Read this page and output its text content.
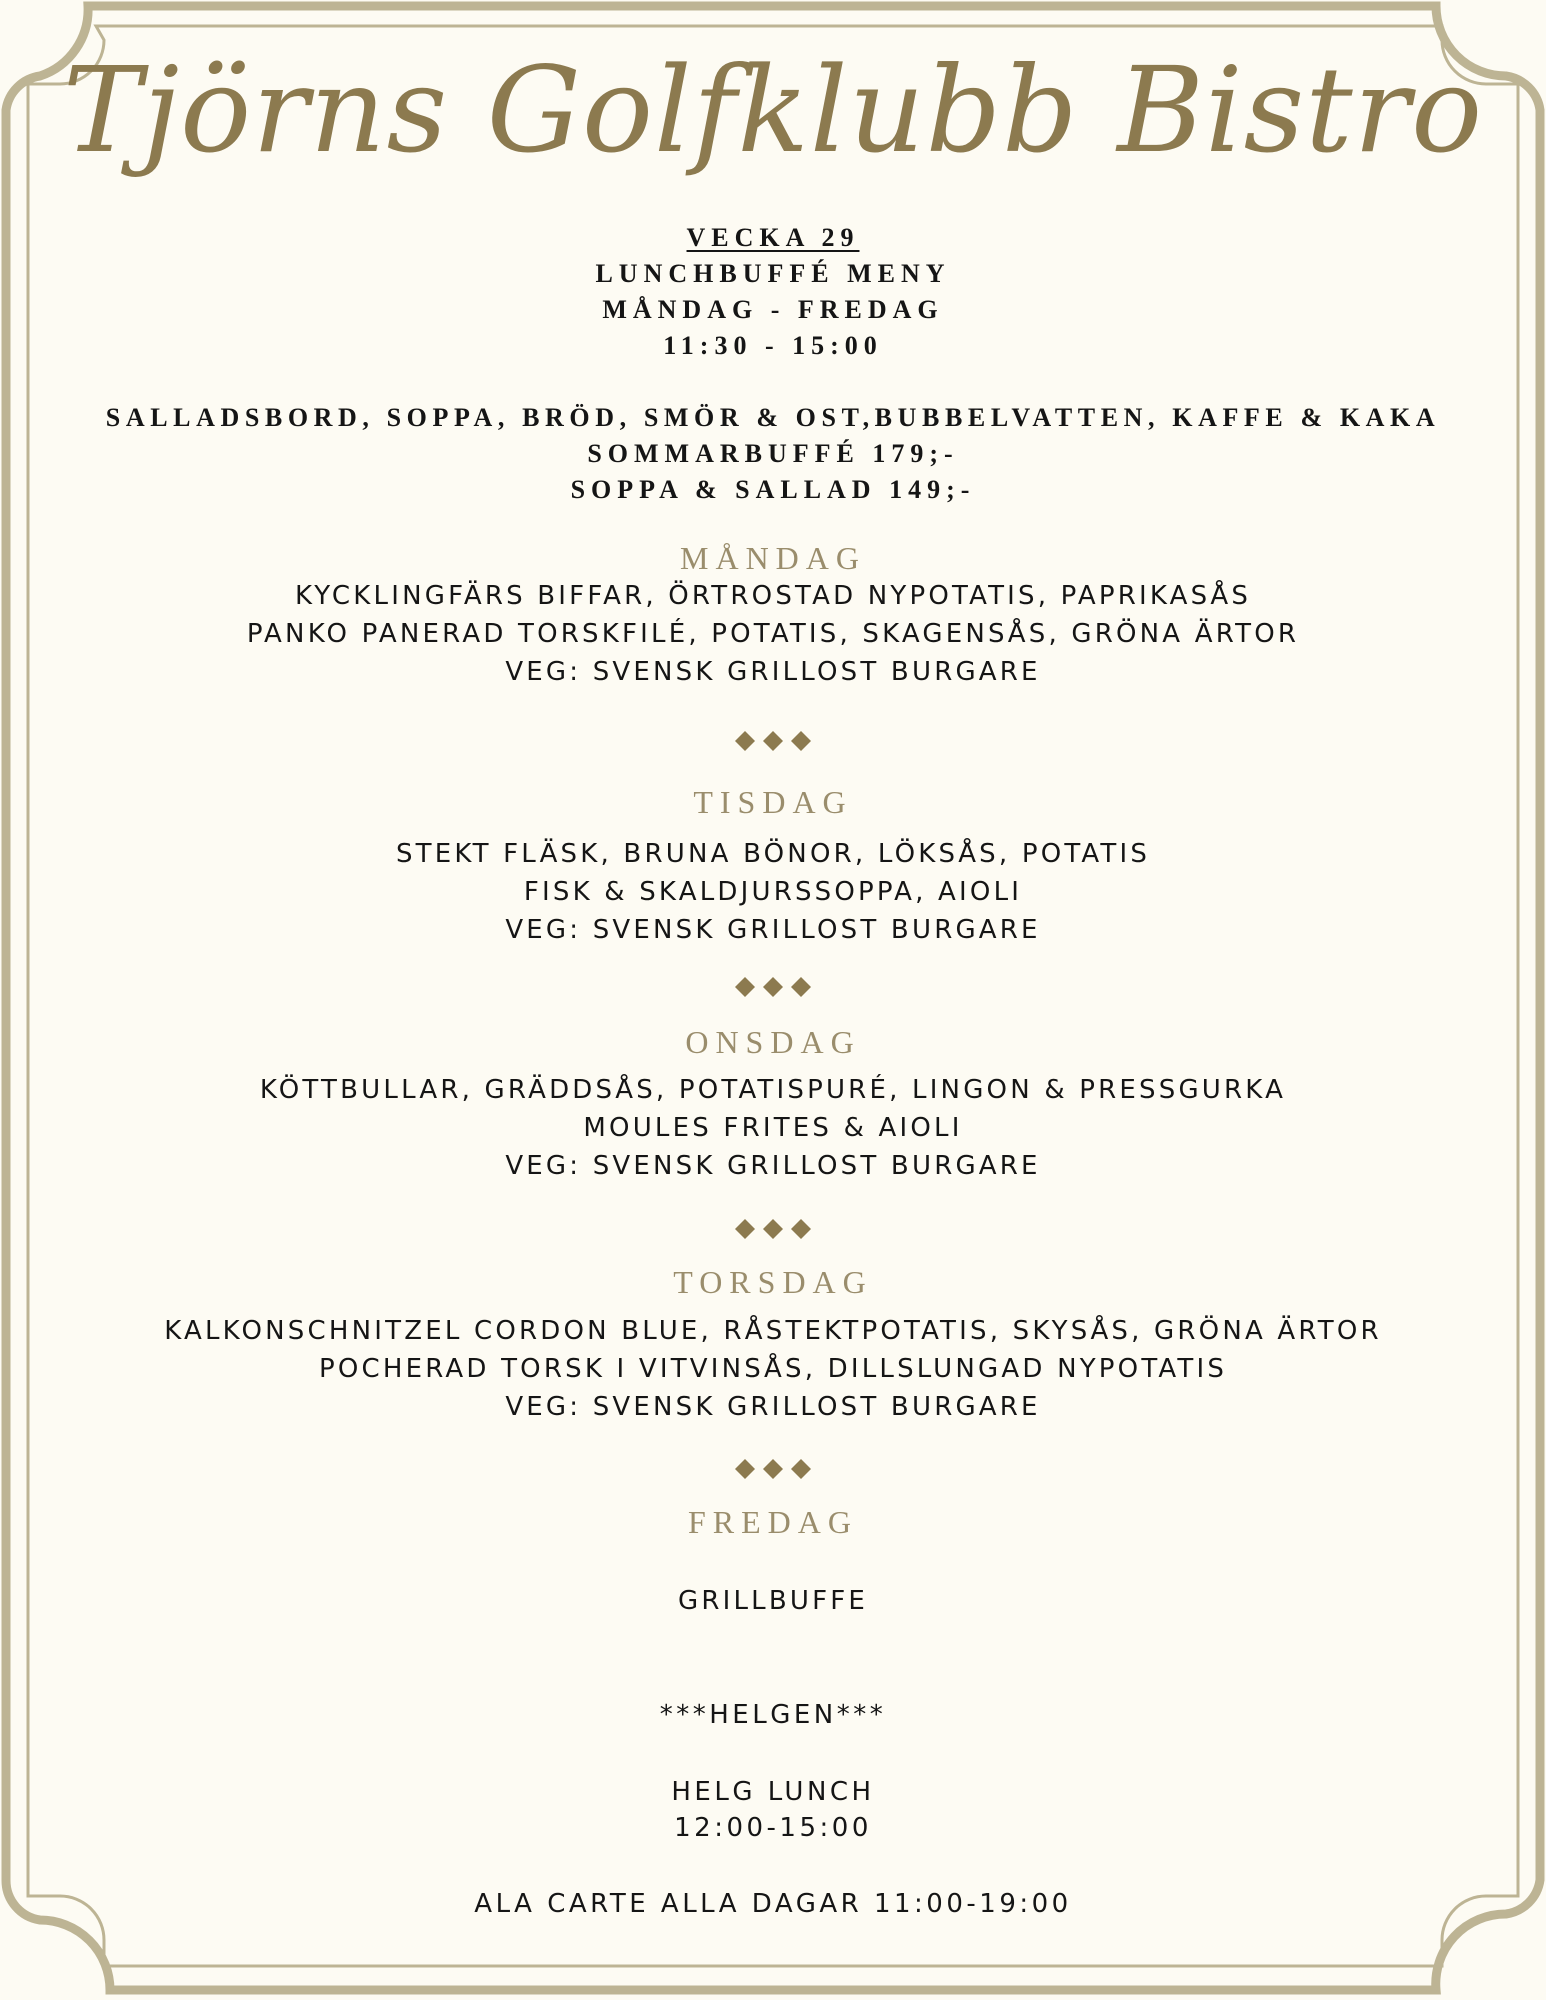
Tjörns Golfklubb Bistro
VECKA 29
LUNCHBUFFÉ MENY
MÅNDAG - FREDAG
11:30 - 15:00
SALLADSBORD, SOPPA, BRÖD, SMÖR & OST,BUBBELVATTEN, KAFFE & KAKA
SOMMARBUFFÉ 179;-
SOPPA & SALLAD 149;-
MÅNDAG
KYCKLINGFÄRS BIFFAR, ÖRTROSTAD NYPOTATIS, PAPRIKASÅS
PANKO PANERAD TORSKFILÉ, POTATIS, SKAGENSÅS, GRÖNA ÄRTOR
VEG: SVENSK GRILLOST BURGARE
TISDAG
STEKT FLÄSK, BRUNA BÖNOR, LÖKSÅS, POTATIS
FISK & SKALDJURSSOPPA, AIOLI
VEG: SVENSK GRILLOST BURGARE
ONSDAG
KÖTTBULLAR, GRÄDDSÅS, POTATISPURÉ, LINGON & PRESSGURKA
MOULES FRITES & AIOLI
VEG: SVENSK GRILLOST BURGARE
TORSDAG
KALKONSCHNITZEL CORDON BLUE, RÅSTEKTPOTATIS, SKYSÅS, GRÖNA ÄRTOR
POCHERAD TORSK I VITVINSÅS, DILLSLUNGAD NYPOTATIS
VEG: SVENSK GRILLOST BURGARE
FREDAG
GRILLBUFFE
***HELGEN***
HELG LUNCH
12:00-15:00
ALA CARTE ALLA DAGAR 11:00-19:00
